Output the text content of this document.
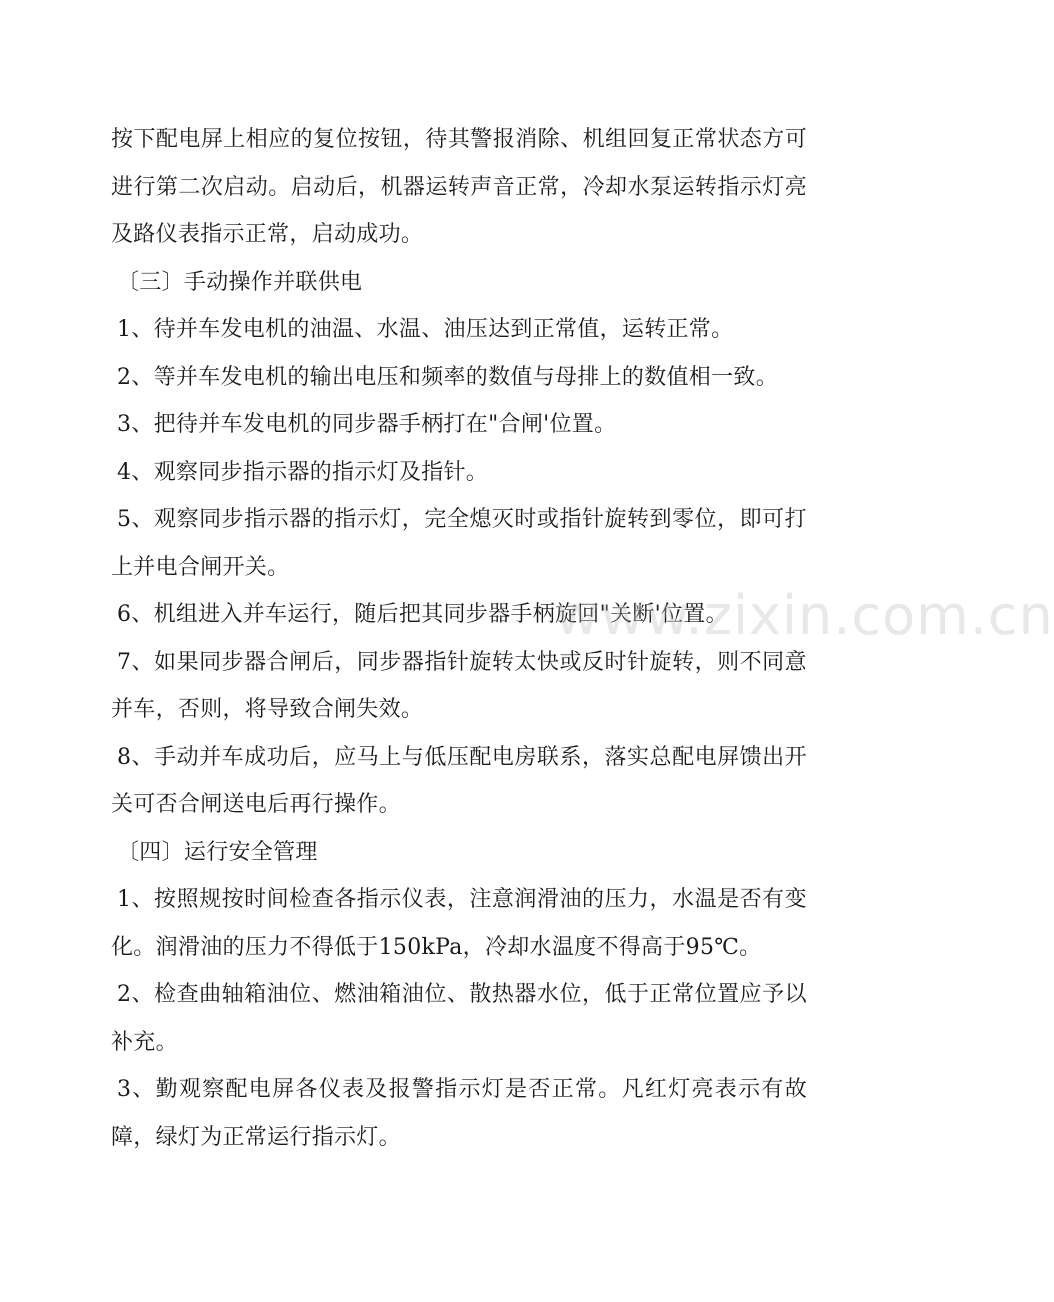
按下配电屏上相应的复位按钮，待其警报消除、机组回复正常状态方可进行第二次启动。启动后，机器运转声音正常，冷却水泵运转指示灯亮及路仪表指示正常，启动成功。

〔三〕手动操作并联供电

1、待并车发电机的油温、水温、油压达到正常值，运转正常。

2、等并车发电机的输出电压和频率的数值与母排上的数值相一致。

3、把待并车发电机的同步器手柄打在"合闸'位置。

4、观察同步指示器的指示灯及指针。

5、观察同步指示器的指示灯，完全熄灭时或指针旋转到零位，即可打上并电合闸开关。

6、机组进入并车运行，随后把其同步器手柄旋回"关断'位置。

7、如果同步器合闸后，同步器指针旋转太快或反时针旋转，则不同意并车，否则，将导致合闸失效。

8、手动并车成功后，应马上与低压配电房联系，落实总配电屏馈出开关可否合闸送电后再行操作。

〔四〕运行安全管理

1、按照规按时间检查各指示仪表，注意润滑油的压力，水温是否有变化。润滑油的压力不得低于150kPa，冷却水温度不得高于95℃。

2、检查曲轴箱油位、燃油箱油位、散热器水位，低于正常位置应予以补充。

3、勤观察配电屏各仪表及报警指示灯是否正常。凡红灯亮表示有故障，绿灯为正常运行指示灯。

www.zixin.com.cn
